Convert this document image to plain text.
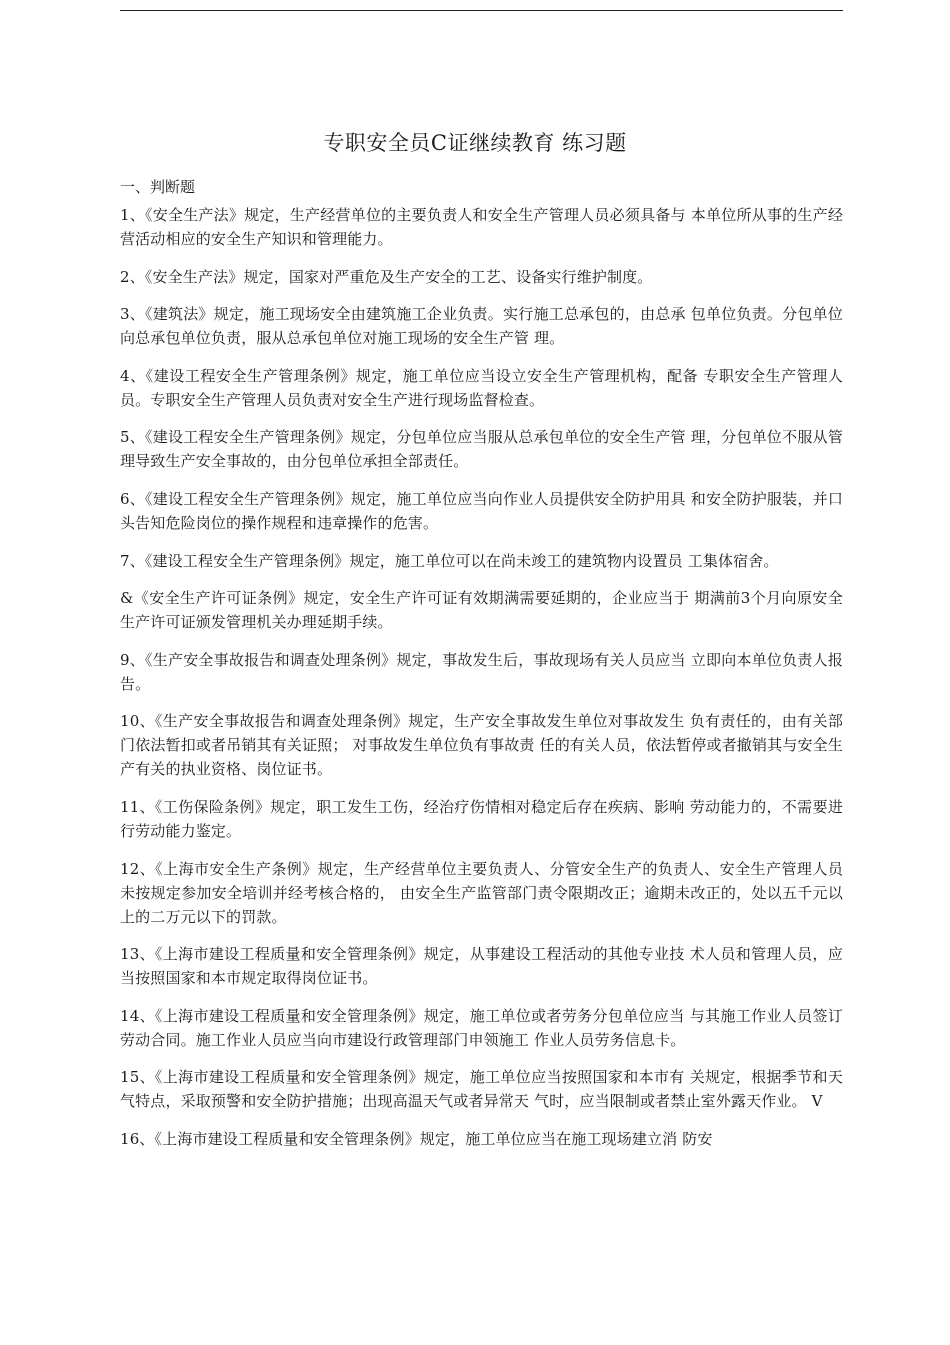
专职安全员C证继续教育 练习题
一、判断题

1、《安全生产法》规定，生产经营单位的主要负责人和安全生产管理人员必须具备与 本单位所从事的生产经营活动相应的安全生产知识和管理能力。

2、《安全生产法》规定，国家对严重危及生产安全的工艺、设备实行维护制度。

3、《建筑法》规定，施工现场安全由建筑施工企业负责。实行施工总承包的，由总承 包单位负责。分包单位向总承包单位负责，服从总承包单位对施工现场的安全生产管 理。

4、《建设工程安全生产管理条例》规定，施工单位应当设立安全生产管理机构，配备 专职安全生产管理人员。专职安全生产管理人员负责对安全生产进行现场监督检查。

5、《建设工程安全生产管理条例》规定，分包单位应当服从总承包单位的安全生产管 理，分包单位不服从管理导致生产安全事故的，由分包单位承担全部责任。

6、《建设工程安全生产管理条例》规定，施工单位应当向作业人员提供安全防护用具 和安全防护服装，并口头告知危险岗位的操作规程和违章操作的危害。

7、《建设工程安全生产管理条例》规定，施工单位可以在尚未竣工的建筑物内设置员 工集体宿舍。

&《安全生产许可证条例》规定，安全生产许可证有效期满需要延期的，企业应当于 期满前3个月向原安全生产许可证颁发管理机关办理延期手续。

9、《生产安全事故报告和调查处理条例》规定，事故发生后，事故现场有关人员应当 立即向本单位负责人报告。

10、《生产安全事故报告和调查处理条例》规定，生产安全事故发生单位对事故发生 负有责任的，由有关部门依法暂扣或者吊销其有关证照； 对事故发生单位负有事故责 任的有关人员，依法暂停或者撤销其与安全生产有关的执业资格、岗位证书。

11、《工伤保险条例》规定，职工发生工伤，经治疗伤情相对稳定后存在疾病、影响 劳动能力的，不需要进行劳动能力鉴定。

12、《上海市安全生产条例》规定，生产经营单位主要负责人、分管安全生产的负责人、安全生产管理人员未按规定参加安全培训并经考核合格的， 由安全生产监管部门责令限期改正；逾期未改正的，处以五千元以上的二万元以下的罚款。

13、《上海市建设工程质量和安全管理条例》规定，从事建设工程活动的其他专业技 术人员和管理人员，应当按照国家和本市规定取得岗位证书。

14、《上海市建设工程质量和安全管理条例》规定，施工单位或者劳务分包单位应当 与其施工作业人员签订劳动合同。施工作业人员应当向市建设行政管理部门申领施工 作业人员劳务信息卡。

15、《上海市建设工程质量和安全管理条例》规定，施工单位应当按照国家和本市有 关规定，根据季节和天气特点，采取预警和安全防护措施；出现高温天气或者异常天 气时，应当限制或者禁止室外露天作业。 V

16、《上海市建设工程质量和安全管理条例》规定，施工单位应当在施工现场建立消 防安
